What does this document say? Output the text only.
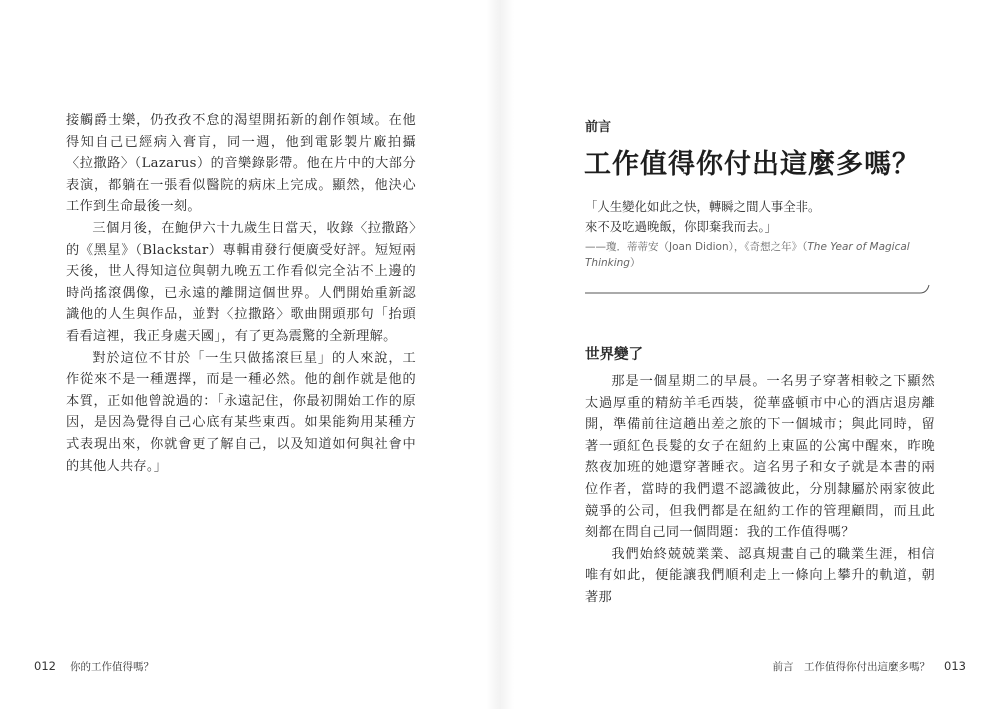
接觸爵士樂，仍孜孜不怠的渴望開拓新的創作領域。在他得知自己已經病入膏肓，同一週，他到電影製片廠拍攝〈拉撒路〉（Lazarus）的音樂錄影帶。他在片中的大部分表演，都躺在一張看似醫院的病床上完成。顯然，他決心工作到生命最後一刻。

三個月後，在鮑伊六十九歲生日當天，收錄〈拉撒路〉的《黑星》（Blackstar）專輯甫發行便廣受好評。短短兩天後，世人得知這位與朝九晚五工作看似完全沾不上邊的時尚搖滾偶像，已永遠的離開這個世界。人們開始重新認識他的人生與作品，並對〈拉撒路〉歌曲開頭那句「抬頭看看這裡，我正身處天國」，有了更為震驚的全新理解。

對於這位不甘於「一生只做搖滾巨星」的人來說，工作從來不是一種選擇，而是一種必然。他的創作就是他的本質，正如他曾說過的：「永遠記住，你最初開始工作的原因，是因為覺得自己心底有某些東西。如果能夠用某種方式表現出來，你就會更了解自己，以及知道如何與社會中的其他人共存。」

012 你的工作值得嗎？
前言
工作值得你付出這麼多嗎？

「人生變化如此之快，轉瞬之間人事全非。

來不及吃過晚飯，你即棄我而去。」

——瓊．蒂蒂安（Joan Didion），《奇想之年》（The Year of Magical Thinking）

世界變了

那是一個星期二的早晨。一名男子穿著相較之下顯然太過厚重的精紡羊毛西裝，從華盛頓市中心的酒店退房離開，準備前往這趟出差之旅的下一個城市；與此同時，留著一頭紅色長髮的女子在紐約上東區的公寓中醒來，昨晚熬夜加班的她還穿著睡衣。這名男子和女子就是本書的兩位作者，當時的我們還不認識彼此，分別隸屬於兩家彼此競爭的公司，但我們都是在紐約工作的管理顧問，而且此刻都在問自己同一個問題：我的工作值得嗎？

我們始終兢兢業業、認真規畫自己的職業生涯，相信唯有如此，便能讓我們順利走上一條向上攀升的軌道，朝著那

前言　工作值得你付出這麼多嗎？ 013
